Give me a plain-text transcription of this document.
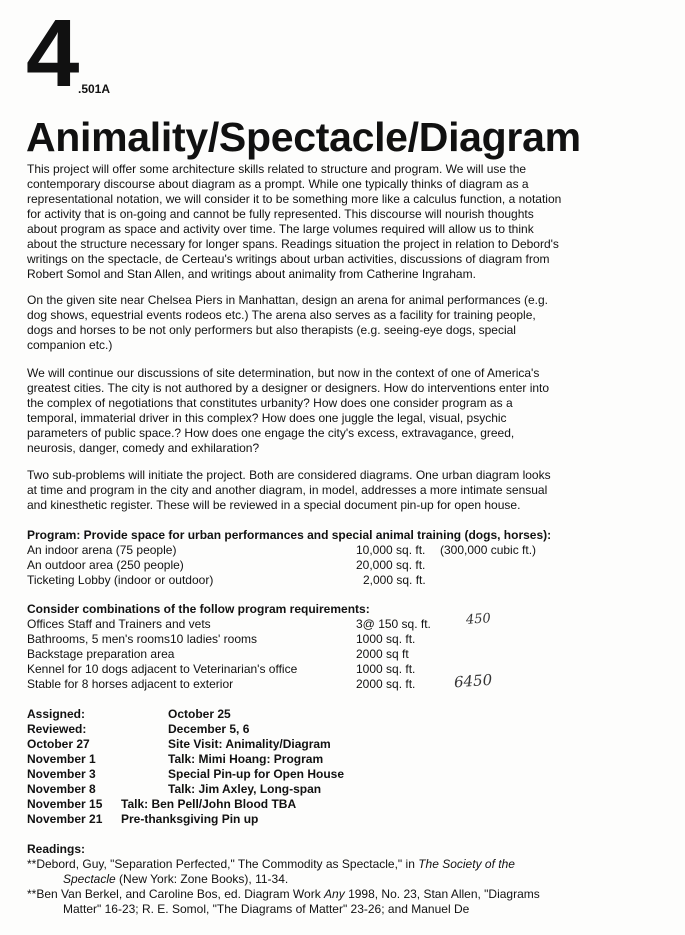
4 .501A
Animality/Spectacle/Diagram
This project will offer some architecture skills related to structure and program. We will use the
contemporary discourse about diagram as a prompt. While one typically thinks of diagram as a
representational notation, we will consider it to be something more like a calculus function, a notation
for activity that is on-going and cannot be fully represented. This discourse will nourish thoughts
about program as space and activity over time. The large volumes required will allow us to think
about the structure necessary for longer spans. Readings situation the project in relation to Debord's
writings on the spectacle, de Certeau's writings about urban activities, discussions of diagram from
Robert Somol and Stan Allen, and writings about animality from Catherine Ingraham.
On the given site near Chelsea Piers in Manhattan, design an arena for animal performances (e.g.
dog shows, equestrial events rodeos etc.) The arena also serves as a facility for training people,
dogs and horses to be not only performers but also therapists (e.g. seeing-eye dogs, special
companion etc.)
We will continue our discussions of site determination, but now in the context of one of America's
greatest cities. The city is not authored by a designer or designers. How do interventions enter into
the complex of negotiations that constitutes urbanity? How does one consider program as a
temporal, immaterial driver in this complex? How does one juggle the legal, visual, psychic
parameters of public space.? How does one engage the city's excess, extravagance, greed,
neurosis, danger, comedy and exhilaration?
Two sub-problems will initiate the project. Both are considered diagrams. One urban diagram looks
at time and program in the city and another diagram, in model, addresses a more intimate sensual
and kinesthetic register. These will be reviewed in a special document pin-up for open house.
Program: Provide space for urban performances and special animal training (dogs, horses):
An indoor arena (75 people)	10,000 sq. ft. (300,000 cubic ft.)
An outdoor area (250 people)	20,000 sq. ft.
Ticketing Lobby (indoor or outdoor)	2,000 sq. ft.
Consider combinations of the follow program requirements:
Offices Staff and Trainers and vets	3@ 150 sq. ft.
Bathrooms, 5 men's rooms10 ladies' rooms	1000 sq. ft.
Backstage preparation area	2000 sq ft
Kennel for 10 dogs adjacent to Veterinarian's office	1000 sq. ft.
Stable for 8 horses adjacent to exterior	2000 sq. ft.
450
6450
Assigned:	October 25
Reviewed:	December 5, 6
October 27	Site Visit: Animality/Diagram
November 1	Talk: Mimi Hoang: Program
November 3	Special Pin-up for Open House
November 8	Talk: Jim Axley, Long-span
November 15 Talk: Ben Pell/John Blood TBA
November 21 Pre-thanksgiving Pin up
Readings:
**Debord, Guy, "Separation Perfected," The Commodity as Spectacle," in The Society of the
Spectacle (New York: Zone Books), 11-34.
**Ben Van Berkel, and Caroline Bos, ed. Diagram Work Any 1998, No. 23, Stan Allen, "Diagrams
Matter" 16-23; R. E. Somol, "The Diagrams of Matter" 23-26; and Manuel De
